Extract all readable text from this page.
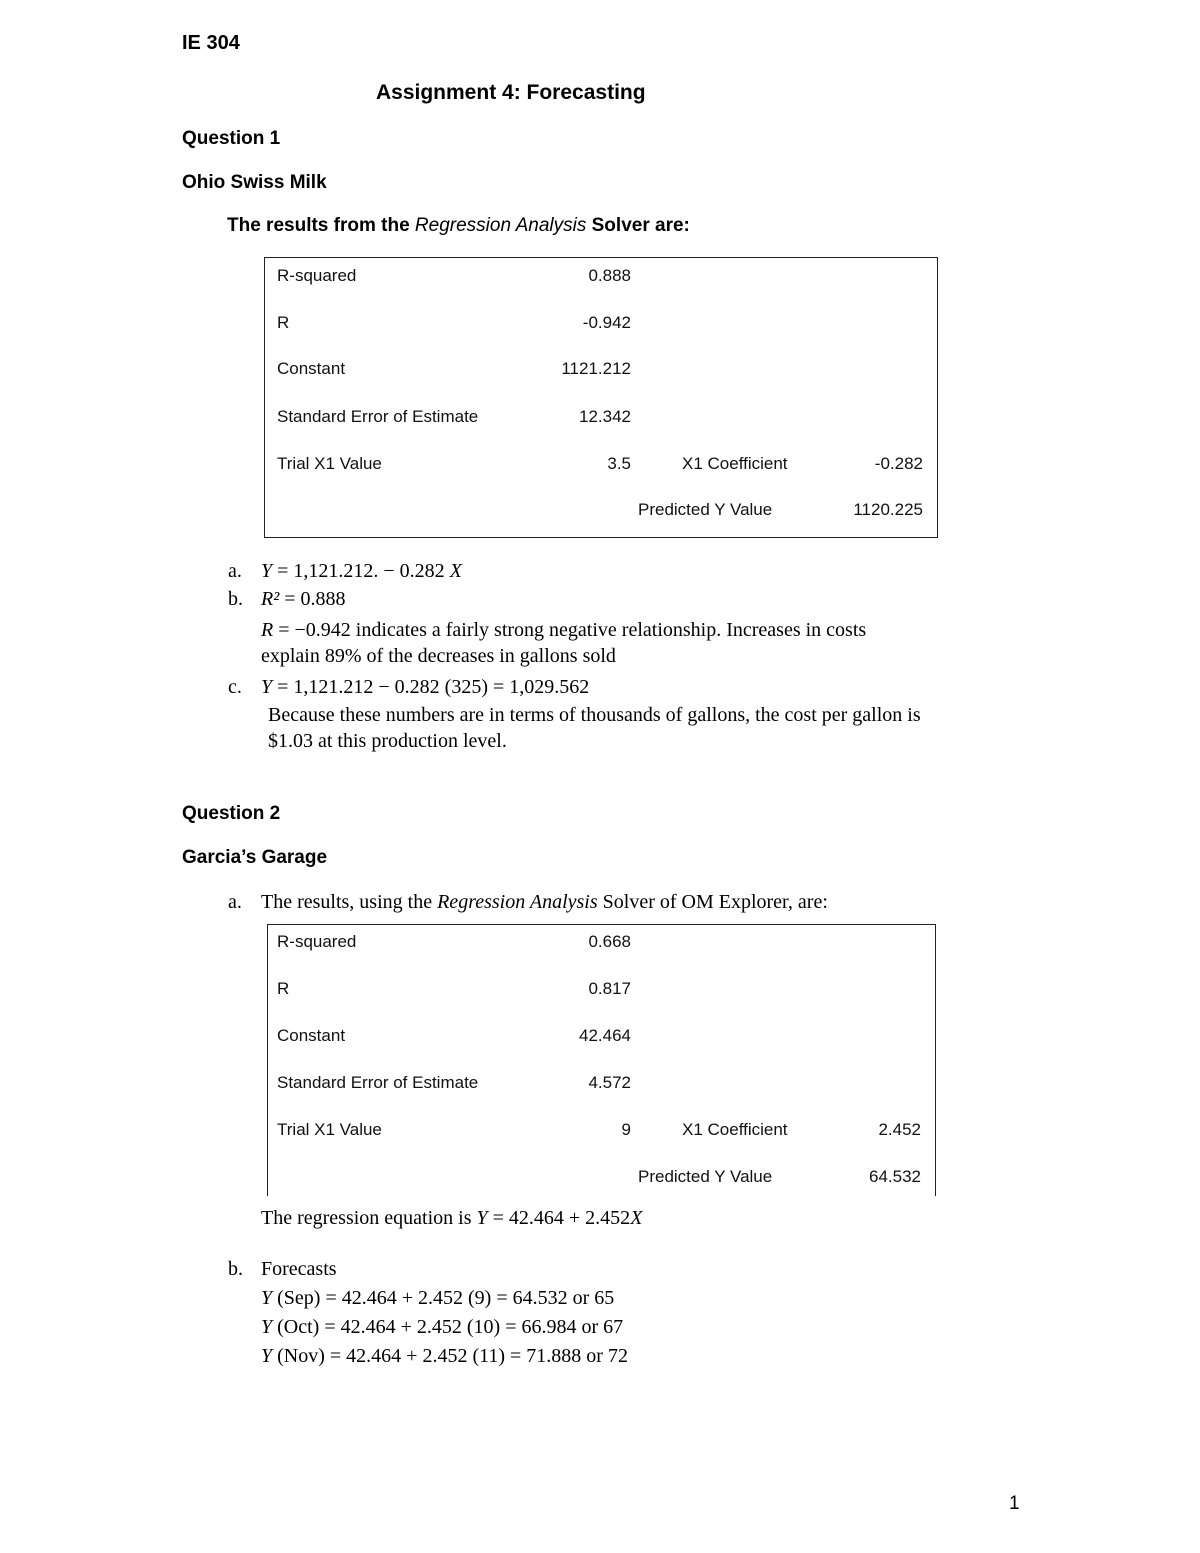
IE 304
Assignment 4: Forecasting
Question 1
Ohio Swiss Milk
The results from the Regression Analysis Solver are:
R-squared	0.888
R	-0.942
Constant	1121.212
Standard Error of Estimate	12.342
Trial X1 Value	3.5	X1 Coefficient	-0.282
Predicted Y Value	1120.225
a. Y = 1,121.212. − 0.282 X
b. R² = 0.888
R = −0.942 indicates a fairly strong negative relationship. Increases in costs
explain 89% of the decreases in gallons sold
c. Y = 1,121.212 − 0.282 (325) = 1,029.562
Because these numbers are in terms of thousands of gallons, the cost per gallon is
$1.03 at this production level.
Question 2
Garcia’s Garage
a. The results, using the Regression Analysis Solver of OM Explorer, are:
R-squared	0.668
R	0.817
Constant	42.464
Standard Error of Estimate	4.572
Trial X1 Value	9	X1 Coefficient	2.452
Predicted Y Value	64.532
The regression equation is Y = 42.464 + 2.452X
b. Forecasts
Y (Sep) = 42.464 + 2.452 (9) = 64.532 or 65
Y (Oct) = 42.464 + 2.452 (10) = 66.984 or 67
Y (Nov) = 42.464 + 2.452 (11) = 71.888 or 72
1
